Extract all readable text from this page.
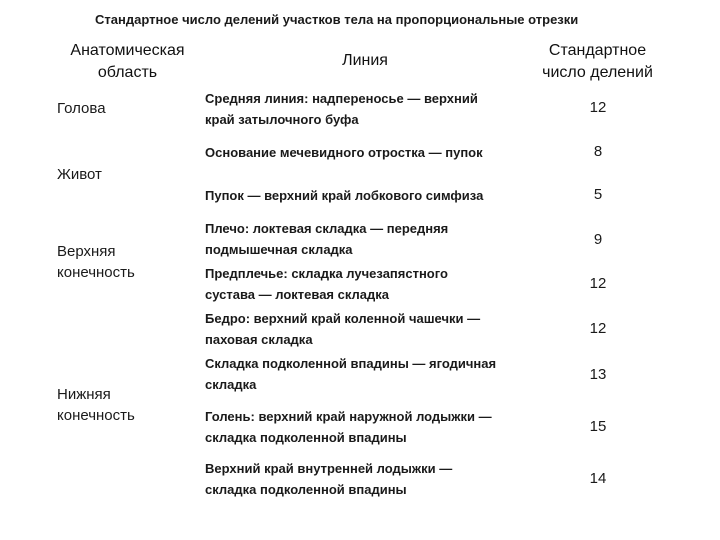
Стандартное число делений участков тела на пропорциональные отрезки
Анатомическая
область
Линия
Стандартное
число делений
Голова
Живот
Верхняя
конечность
Нижняя
конечность
Средняя линия: надпереносье — верхний
край затылочного буфа
Основание мечевидного отростка — пупок
Пупок — верхний край лобкового симфиза
Плечо: локтевая складка — передняя
подмышечная складка
Предплечье: складка лучезапястного
сустава — локтевая складка
Бедро: верхний край коленной чашечки —
паховая складка
Складка подколенной впадины — ягодичная
складка
Голень: верхний край наружной лодыжки —
складка подколенной впадины
Верхний край внутренней лодыжки —
складка подколенной впадины
12
8
5
9
12
12
13
15
14
